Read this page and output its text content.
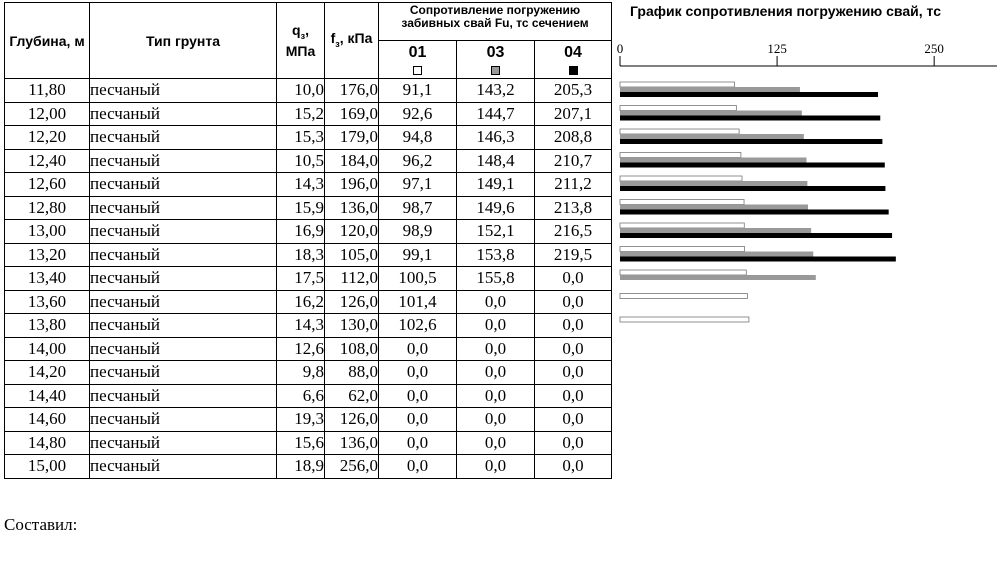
Глубина, м	Тип грунта	$q_з$, МПа	$f_з$, кПа	Сопротивление погружению забивных свай Fu, тс сечением		
				01	03	04

11,80	песчаный	10,0	176,0	91,1	143,2	205,3
12,00	песчаный	15,2	169,0	92,6	144,7	207,1
12,20	песчаный	15,3	179,0	94,8	146,3	208,8
12,40	песчаный	10,5	184,0	96,2	148,4	210,7
12,60	песчаный	14,3	196,0	97,1	149,1	211,2
12,80	песчаный	15,9	136,0	98,7	149,6	213,8
13,00	песчаный	16,9	120,0	98,9	152,1	216,5
13,20	песчаный	18,3	105,0	99,1	153,8	219,5
13,40	песчаный	17,5	112,0	100,5	155,8	0,0
13,60	песчаный	16,2	126,0	101,4	0,0	0,0
13,80	песчаный	14,3	130,0	102,6	0,0	0,0
14,00	песчаный	12,6	108,0	0,0	0,0	0,0
14,20	песчаный	9,8	88,0	0,0	0,0	0,0
14,40	песчаный	6,6	62,0	0,0	0,0	0,0
14,60	песчаный	19,3	126,0	0,0	0,0	0,0
14,80	песчаный	15,6	136,0	0,0	0,0	0,0
15,00	песчаный	18,9	256,0	0,0	0,0	0,0
График сопротивления погружению свай, тс
0	125	250
Составил:
